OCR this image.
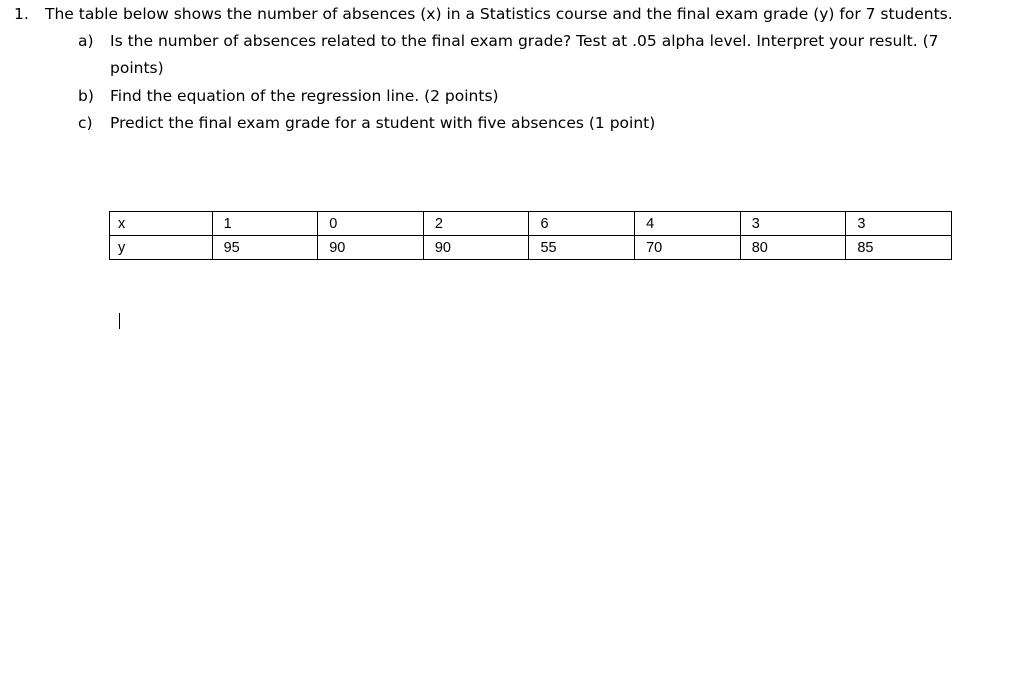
1. The table below shows the number of absences (x) in a Statistics course and the final exam grade (y) for 7 students.
a) Is the number of absences related to the final exam grade? Test at .05 alpha level. Interpret your result. (7
points)
b) Find the equation of the regression line. (2 points)
c) Predict the final exam grade for a student with five absences (1 point)
x	1	0	2	6	4	3	3
y	95	90	90	55	70	80	85
